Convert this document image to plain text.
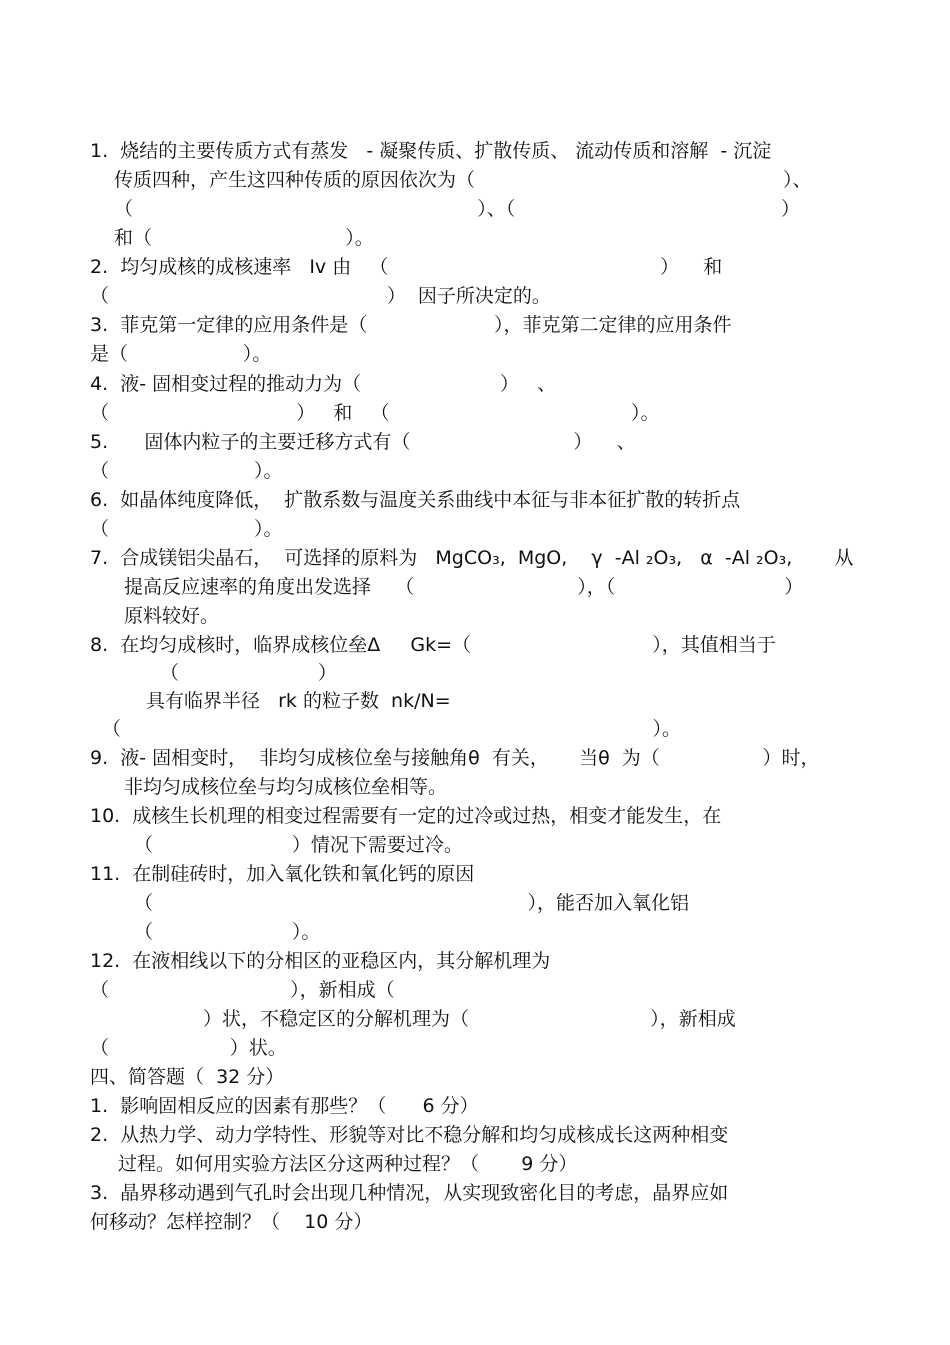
1.  烧结的主要传质方式有蒸发   - 凝聚传质、扩散传质、 流动传质和溶解  - 沉淀
传质四种，产生这四种传质的原因依次为（                                                   ）、
（                                                         ）、（                                            ）
和（                                ）。
2.  均匀成核的成核速率   Iv 由   （                                             ）    和
（                                              ）  因子所决定的。
3.  菲克第一定律的应用条件是（                     ），菲克第二定律的应用条件
是（                   ）。
4.  液- 固相变过程的推动力为（                       ）   、
（                               ）   和   （                                        ）。
5.      固体内粒子的主要迁移方式有（                           ）    、
（                        ）。
6.  如晶体纯度降低，  扩散系数与温度关系曲线中本征与非本征扩散的转折点
（                        ）。
7.  合成镁铝尖晶石，  可选择的原料为   MgCO₃,  MgO,    γ  -Al ₂O₃,   α  -Al ₂O₃,       从
提高反应速率的角度出发选择    （                           ），（                            ）
原料较好。
8.  在均匀成核时，临界成核位垒Δ     Gk=（                              ），其值相当于
（                       ）
具有临界半径   rk 的粒子数  nk/N=
（                                                                                        ）。
9.  液- 固相变时，  非均匀成核位垒与接触角θ  有关，     当θ  为（                 ）时，
非均匀成核位垒与均匀成核位垒相等。
10.  成核生长机理的相变过程需要有一定的过冷或过热，相变才能发生，在
（                       ）情况下需要过冷。
11.  在制硅砖时，加入氧化铁和氧化钙的原因
（                                                              ），能否加入氧化铝
（                       ）。
12.  在液相线以下的分相区的亚稳区内，其分解机理为
（                              ），新相成（
）状，不稳定区的分解机理为（                              ），新相成
（                    ）状。
四、简答题（  32 分）
1.  影响固相反应的因素有那些？（      6 分）
2.  从热力学、动力学特性、形貌等对比不稳分解和均匀成核成长这两种相变
过程。如何用实验方法区分这两种过程？（       9 分）
3.  晶界移动遇到气孔时会出现几种情况，从实现致密化目的考虑，晶界应如
何移动？怎样控制？（    10 分）
